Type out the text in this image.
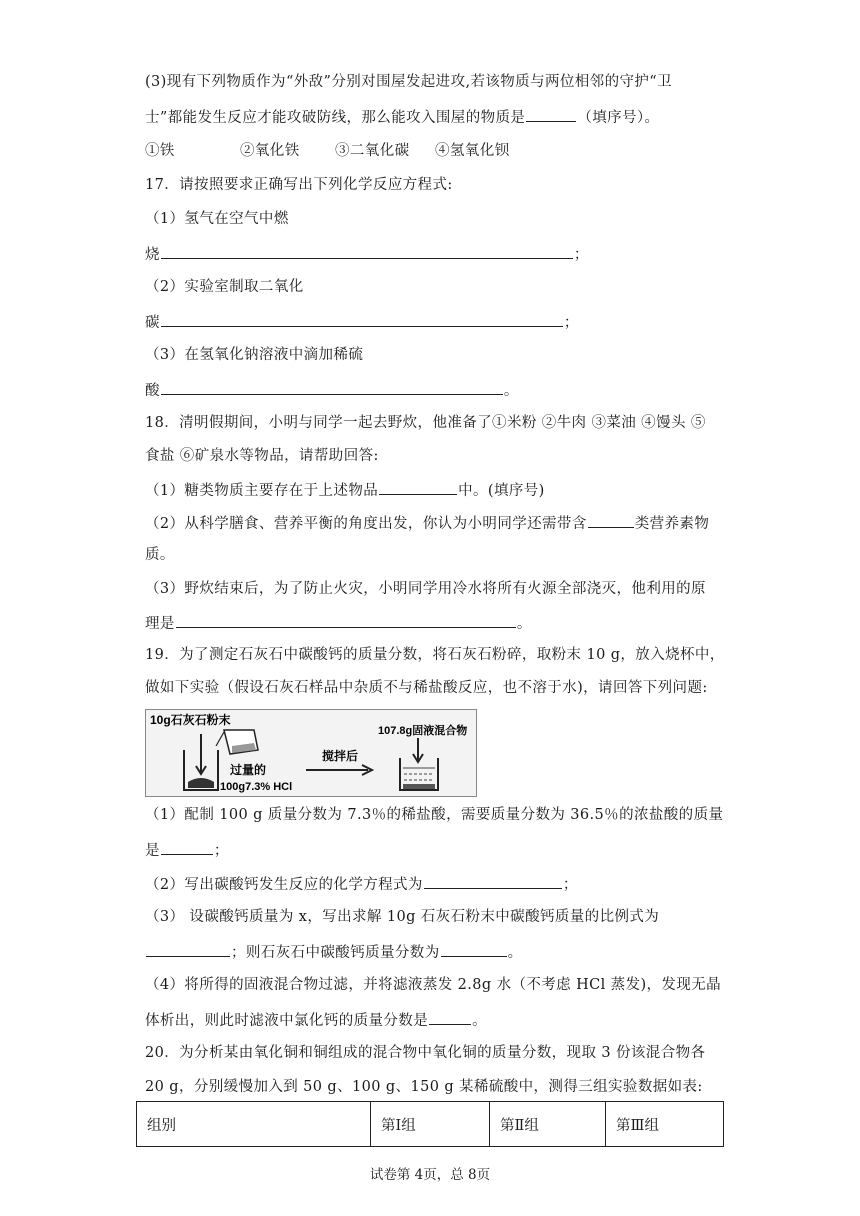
(3)现有下列物质作为“外敌”分别对围屋发起进攻,若该物质与两位相邻的守护“卫
士”都能发生反应才能攻破防线，那么能攻入围屋的物质是	（填序号）。
①铁	②氧化铁 ③二氧化碳 ④氢氧化钡
17．请按照要求正确写出下列化学反应方程式:
（1）氢气在空气中燃
烧	；
（2）实验室制取二氧化
碳	；
（3）在氢氧化钠溶液中滴加稀硫
酸	。
18．清明假期间，小明与同学一起去野炊，他准备了①米粉 ②牛肉 ③菜油 ④馒头 ⑤
食盐 ⑥矿泉水等物品，请帮助回答:
（1）糖类物质主要存在于上述物品	中。(填序号)
（2）从科学膳食、营养平衡的角度出发，你认为小明同学还需带含	类营养素物
质。
（3）野炊结束后，为了防止火灾，小明同学用冷水将所有火源全部浇灭，他利用的原
理是	。
19．为了测定石灰石中碳酸钙的质量分数，将石灰石粉碎，取粉末 10 g，放入烧杯中，
做如下实验（假设石灰石样品中杂质不与稀盐酸反应，也不溶于水)，请回答下列问题:
10g石灰石粉末
过量的
100g7.3% HCl
搅拌后
107.8g固液混合物
（1）配制 100 g 质量分数为 7.3％的稀盐酸，需要质量分数为 36.5％的浓盐酸的质量
是	；
（2）写出碳酸钙发生反应的化学方程式为	；
（3） 设碳酸钙质量为 x，写出求解 10g 石灰石粉末中碳酸钙质量的比例式为
；则石灰石中碳酸钙质量分数为	。
（4）将所得的固液混合物过滤，并将滤液蒸发 2.8g 水（不考虑 HCl 蒸发)，发现无晶
体析出，则此时滤液中氯化钙的质量分数是	。
20．为分析某由氧化铜和铜组成的混合物中氧化铜的质量分数，现取 3 份该混合物各
20 g，分别缓慢加入到 50 g、100 g、150 g 某稀硫酸中，测得三组实验数据如表:
组别	第Ⅰ组	第Ⅱ组	第Ⅲ组
试卷第 4页，总 8页
